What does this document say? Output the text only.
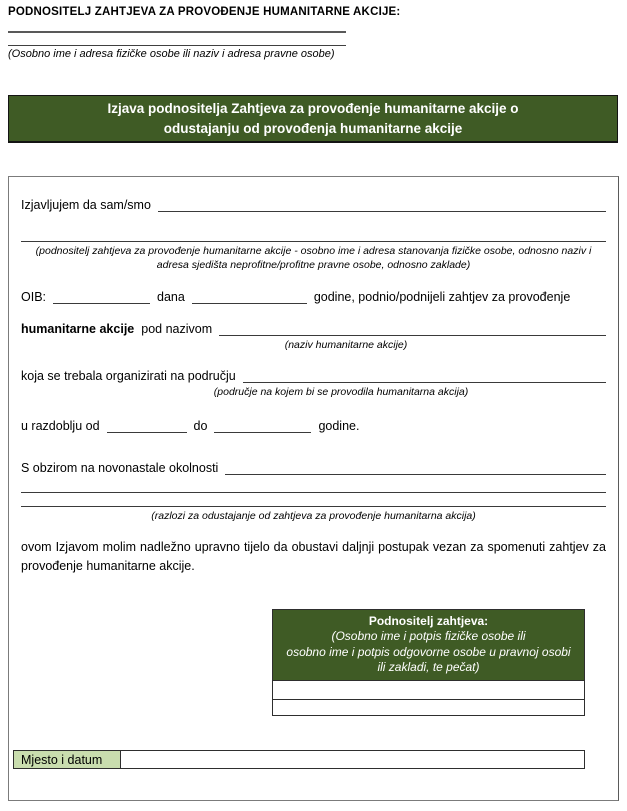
PODNOSITELJ ZAHTJEVA ZA PROVOĐENJE HUMANITARNE AKCIJE:
(Osobno ime i adresa fizičke osobe ili naziv i adresa pravne osobe)
Izjava podnositelja Zahtjeva za provođenje humanitarne akcije o
odustajanju od provođenja humanitarne akcije
Izjavljujem da sam/smo
(podnositelj zahtjeva za provođenje humanitarne akcije - osobno ime i adresa stanovanja fizičke osobe, odnosno naziv i adresa sjedišta neprofitne/profitne pravne osobe, odnosno zaklade)
OIB:	dana	godine, podnio/podnijeli zahtjev za provođenje
humanitarne akcije pod nazivom
(naziv humanitarne akcije)
koja se trebala organizirati na području
(područje na kojem bi se provodila humanitarna akcija)
u razdoblju od	do	godine.
S obzirom na novonastale okolnosti
(razlozi za odustajanje od zahtjeva za provođenje humanitarna akcija)
ovom Izjavom molim nadležno upravno tijelo da obustavi daljnji postupak vezan za spomenuti zahtjev za provođenje humanitarne akcije.
Podnositelj zahtjeva:
(Osobno ime i potpis fizičke osobe ili
osobno ime i potpis odgovorne osobe u pravnoj osobi
ili zakladi, te pečat)
Mjesto i datum
